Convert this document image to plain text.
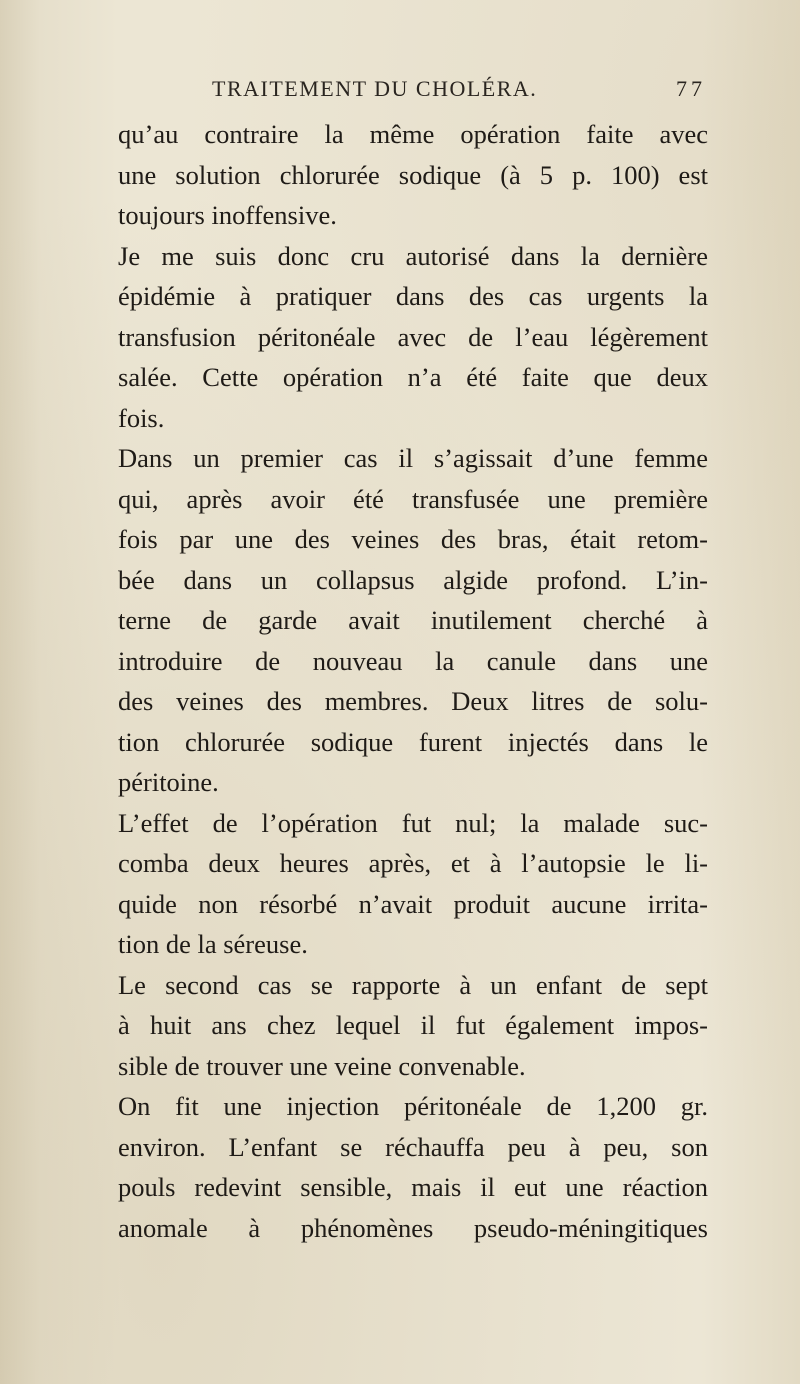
TRAITEMENT DU CHOLÉRA.	77
qu’au contraire la même opération faite avec
une solution chlorurée sodique (à 5 p. 100) est
toujours inoffensive.
Je me suis donc cru autorisé dans la dernière
épidémie à pratiquer dans des cas urgents la
transfusion péritonéale avec de l’eau légèrement
salée. Cette opération n’a été faite que deux
fois.
Dans un premier cas il s’agissait d’une femme
qui, après avoir été transfusée une première
fois par une des veines des bras, était retom-
bée dans un collapsus algide profond. L’in-
terne de garde avait inutilement cherché à
introduire de nouveau la canule dans une
des veines des membres. Deux litres de solu-
tion chlorurée sodique furent injectés dans le
péritoine.
L’effet de l’opération fut nul; la malade suc-
comba deux heures après, et à l’autopsie le li-
quide non résorbé n’avait produit aucune irrita-
tion de la séreuse.
Le second cas se rapporte à un enfant de sept
à huit ans chez lequel il fut également impos-
sible de trouver une veine convenable.
On fit une injection péritonéale de 1,200 gr.
environ. L’enfant se réchauffa peu à peu, son
pouls redevint sensible, mais il eut une réaction
anomale à phénomènes pseudo-méningitiques
